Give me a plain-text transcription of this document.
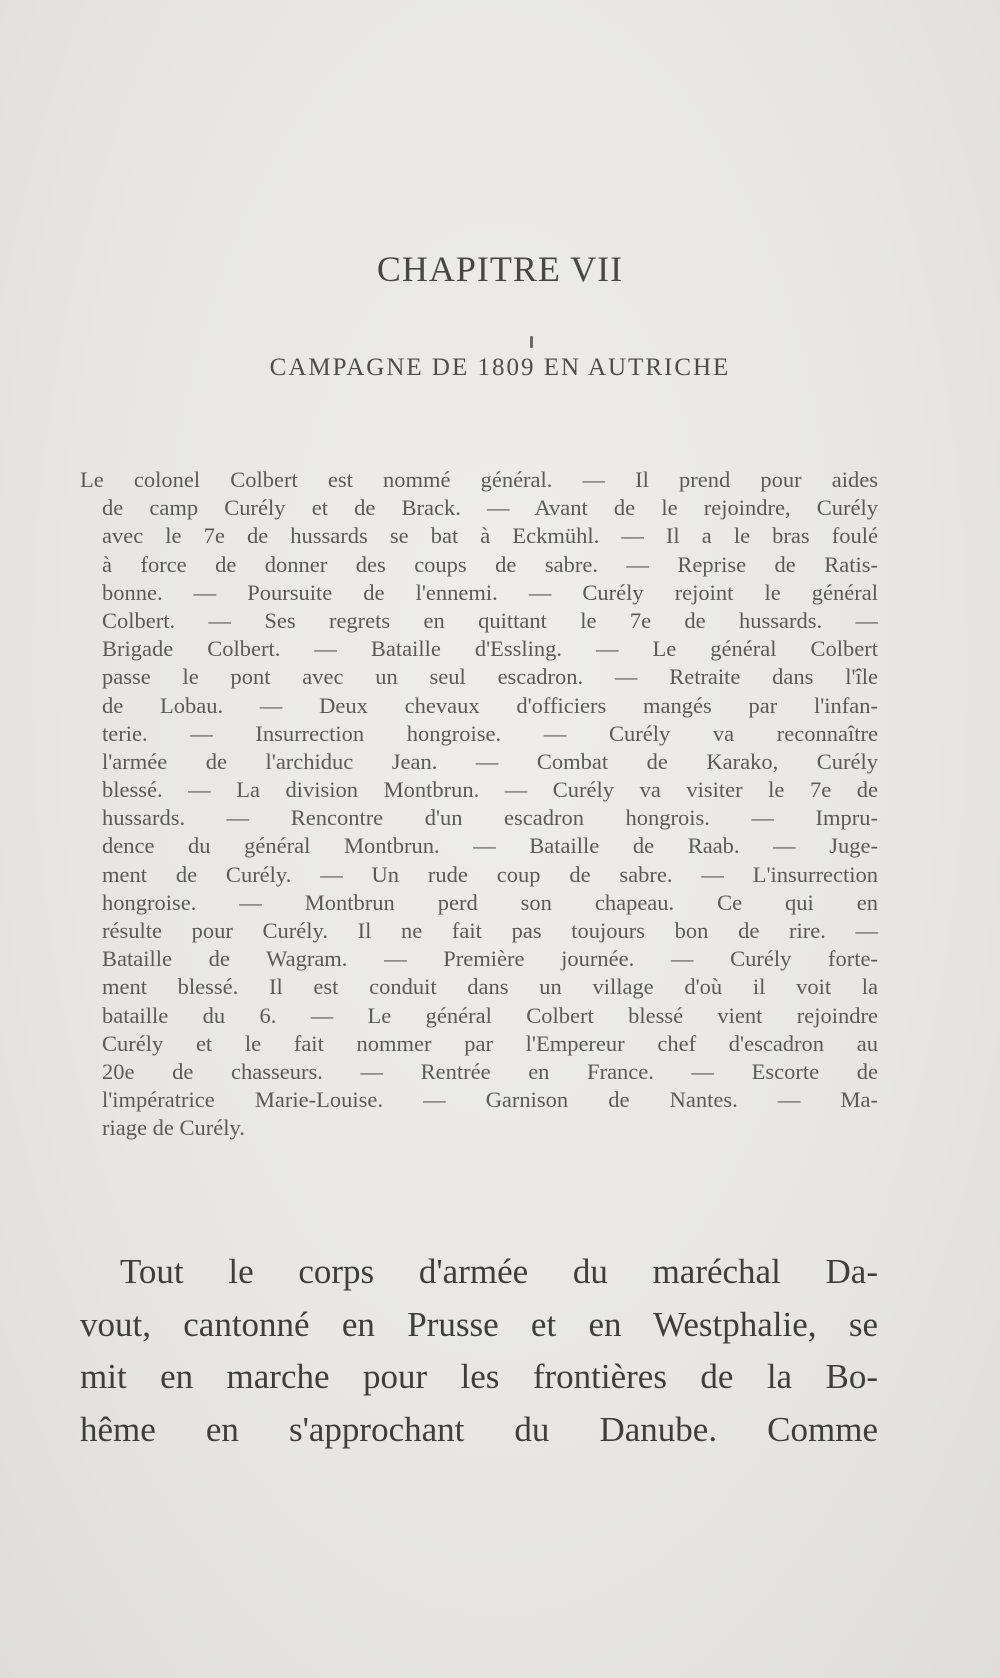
CHAPITRE VII
CAMPAGNE DE 1809 EN AUTRICHE

Le colonel Colbert est nommé général. — Il prend pour aides
de camp Curély et de Brack. — Avant de le rejoindre, Curély
avec le 7e de hussards se bat à Eckmühl. — Il a le bras foulé
à force de donner des coups de sabre. — Reprise de Ratis-
bonne. — Poursuite de l'ennemi. — Curély rejoint le général
Colbert. — Ses regrets en quittant le 7e de hussards. —
Brigade Colbert. — Bataille d'Essling. — Le général Colbert
passe le pont avec un seul escadron. — Retraite dans l'île
de Lobau. — Deux chevaux d'officiers mangés par l'infan-
terie. — Insurrection hongroise. — Curély va reconnaître
l'armée de l'archiduc Jean. — Combat de Karako, Curély
blessé. — La division Montbrun. — Curély va visiter le 7e de
hussards. — Rencontre d'un escadron hongrois. — Impru-
dence du général Montbrun. — Bataille de Raab. — Juge-
ment de Curély. — Un rude coup de sabre. — L'insurrection
hongroise. — Montbrun perd son chapeau. Ce qui en
résulte pour Curély. Il ne fait pas toujours bon de rire. —
Bataille de Wagram. — Première journée. — Curély forte-
ment blessé. Il est conduit dans un village d'où il voit la
bataille du 6. — Le général Colbert blessé vient rejoindre
Curély et le fait nommer par l'Empereur chef d'escadron au
20e de chasseurs. — Rentrée en France. — Escorte de
l'impératrice Marie-Louise. — Garnison de Nantes. — Ma-
riage de Curély.

Tout le corps d'armée du maréchal Da-
vout, cantonné en Prusse et en Westphalie, se
mit en marche pour les frontières de la Bo-
hême en s'approchant du Danube. Comme
